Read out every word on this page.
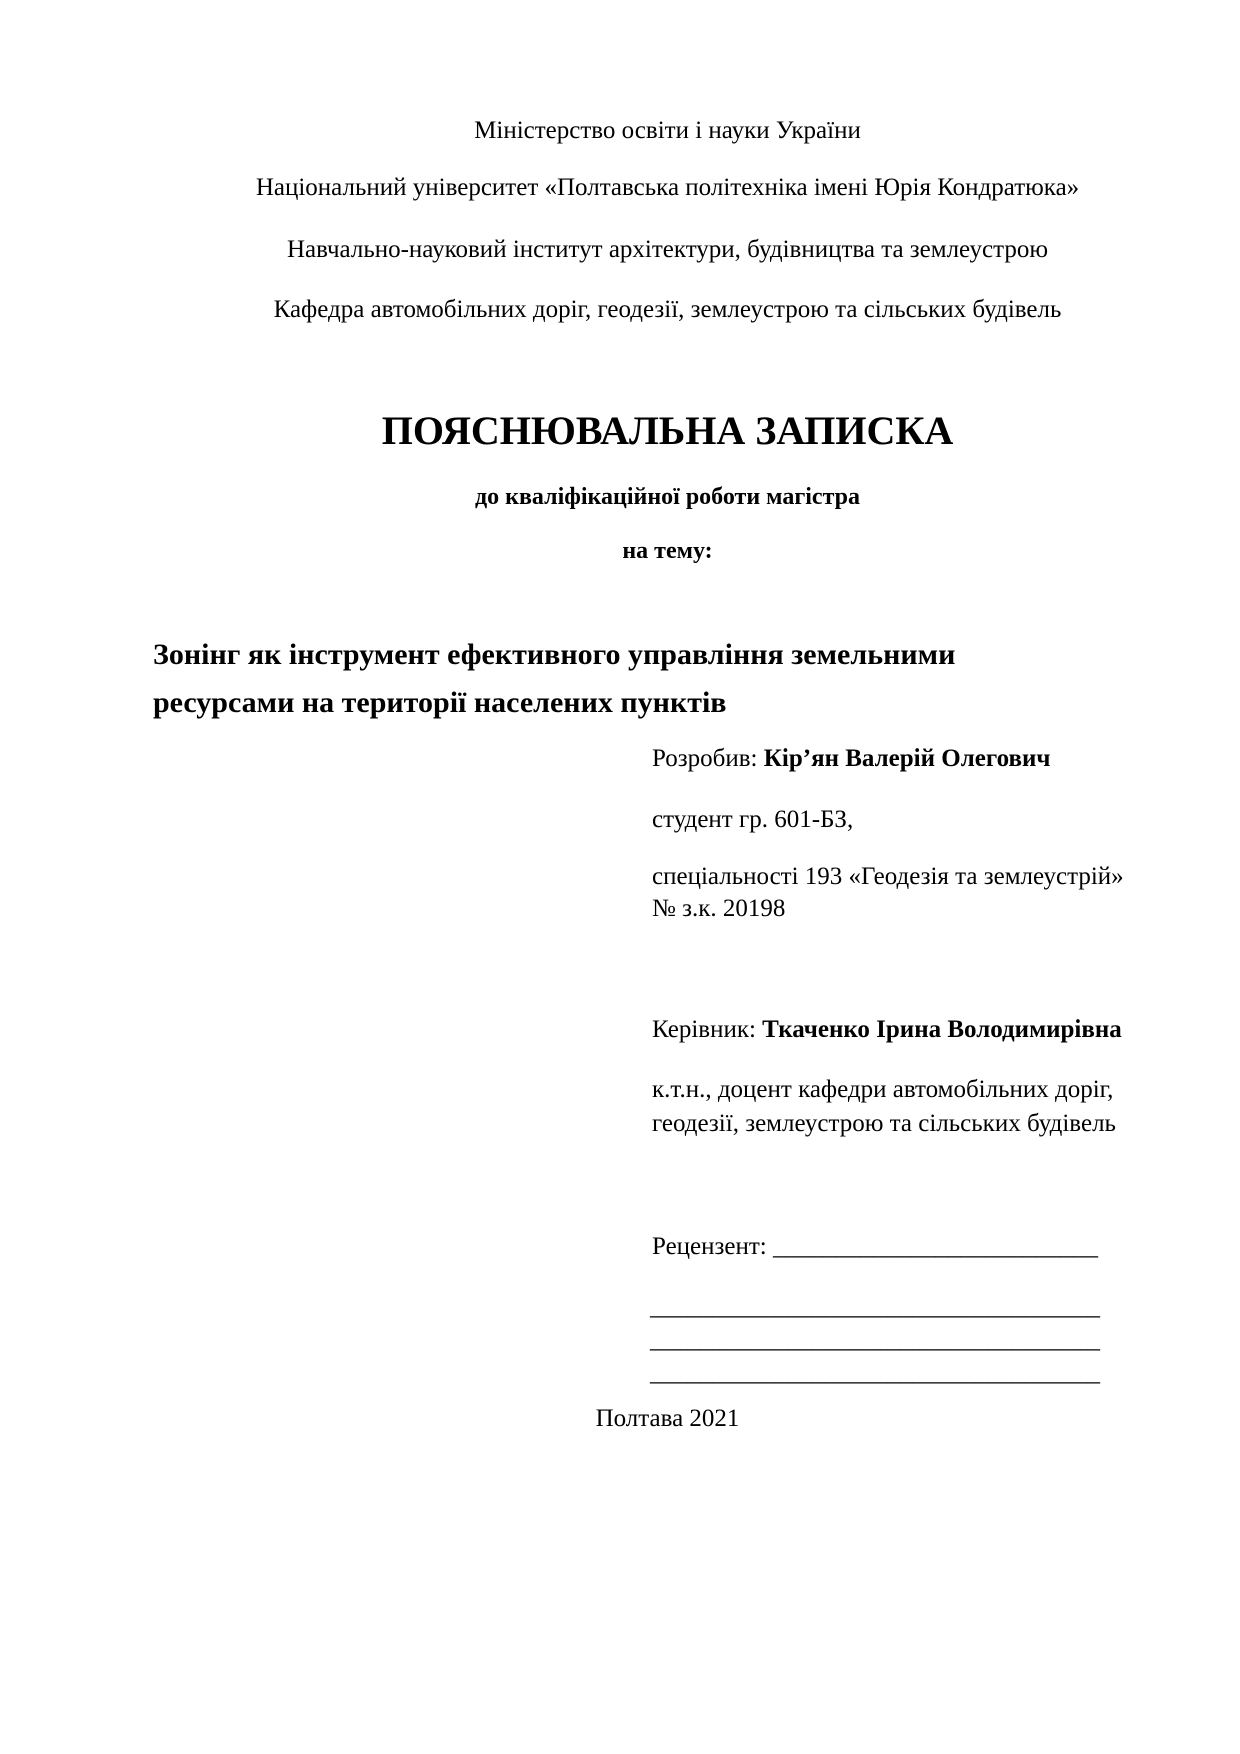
Міністерство освіти і науки України
Національний університет «Полтавська політехніка імені Юрія Кондратюка»
Навчально-науковий інститут архітектури, будівництва та землеустрою
Кафедра автомобільних доріг, геодезії, землеустрою та сільських будівель
ПОЯСНЮВАЛЬНА ЗАПИСКА
до кваліфікаційної роботи магістра
на тему:
Зонінг як інструмент ефективного управління земельними ресурсами на території населених пунктів
Розробив: Кір’ян Валерій Олегович
студент гр. 601-БЗ,
спеціальності 193 «Геодезія та землеустрій»
№ з.к. 20198
Керівник: Ткаченко Ірина Володимирівна
к.т.н., доцент кафедри автомобільних доріг, геодезії, землеустрою та сільських будівель
Рецензент: __________________________
____________________________________
____________________________________
____________________________________
Полтава 2021
